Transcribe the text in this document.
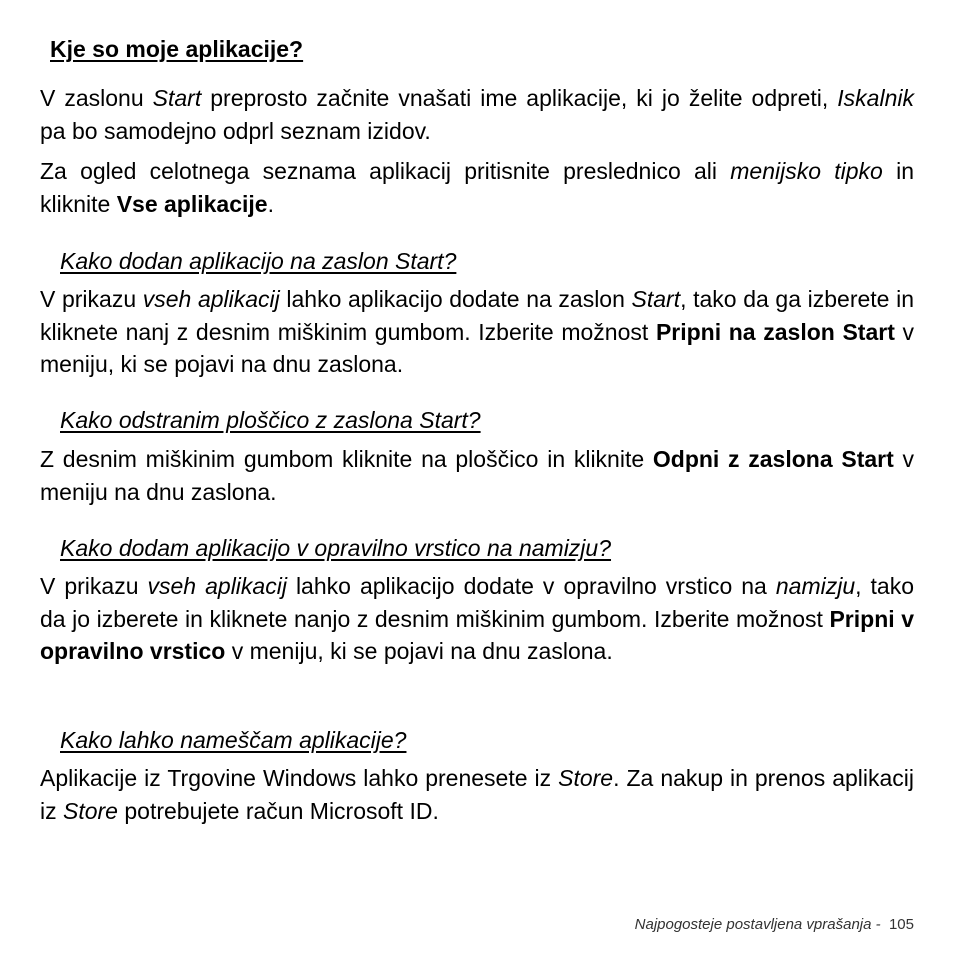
Kje so moje aplikacije?

V zaslonu Start preprosto začnite vnašati ime aplikacije, ki jo želite odpreti, Iskalnik pa bo samodejno odprl seznam izidov.

Za ogled celotnega seznama aplikacij pritisnite preslednico ali menijsko tipko in kliknite Vse aplikacije.

Kako dodan aplikacijo na zaslon Start?

V prikazu vseh aplikacij lahko aplikacijo dodate na zaslon Start, tako da ga izberete in kliknete nanj z desnim miškinim gumbom. Izberite možnost Pripni na zaslon Start v meniju, ki se pojavi na dnu zaslona.

Kako odstranim ploščico z zaslona Start?

Z desnim miškinim gumbom kliknite na ploščico in kliknite Odpni z zaslona Start v meniju na dnu zaslona.

Kako dodam aplikacijo v opravilno vrstico na namizju?

V prikazu vseh aplikacij lahko aplikacijo dodate v opravilno vrstico na namizju, tako da jo izberete in kliknete nanjo z desnim miškinim gumbom. Izberite možnost Pripni v opravilno vrstico v meniju, ki se pojavi na dnu zaslona.

Kako lahko nameščam aplikacije?

Aplikacije iz Trgovine Windows lahko prenesete iz Store. Za nakup in prenos aplikacij iz Store potrebujete račun Microsoft ID.

Najpogosteje postavljena vprašanja -  105
